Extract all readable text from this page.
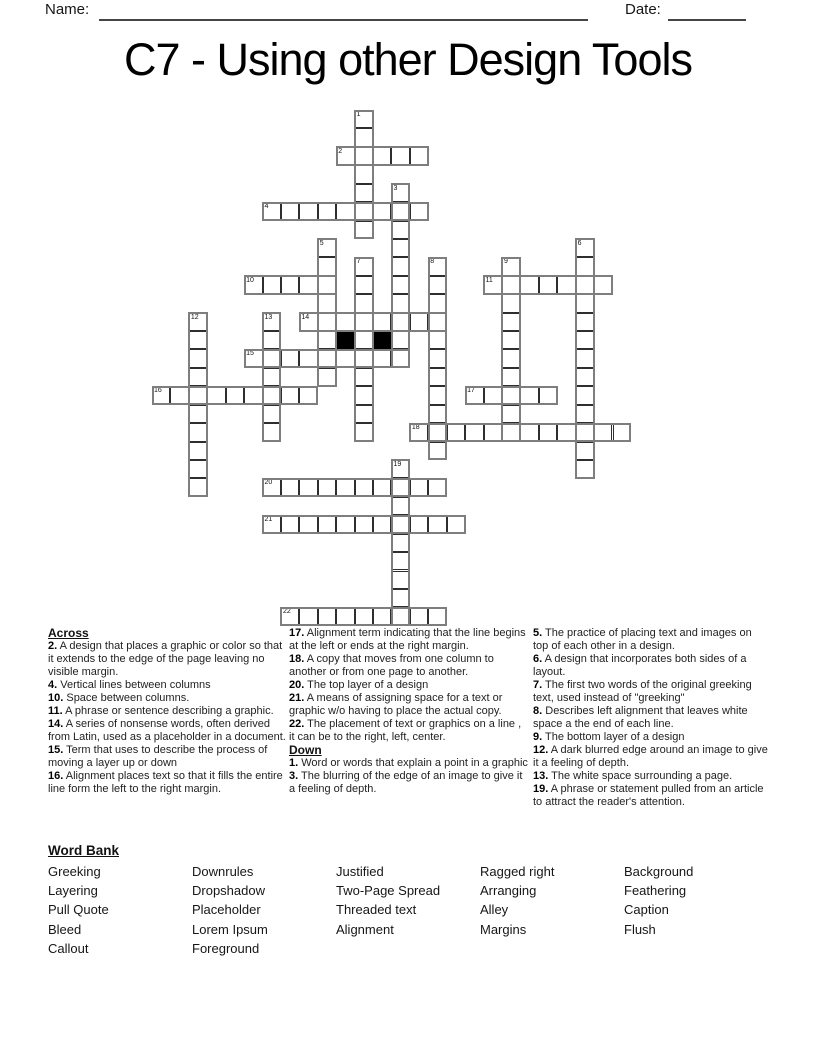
Name:	Date:
C7 - Using other Design Tools
1
2
3
4
5	6
7	8	9
10	11
12	13	14
15
16	17
18
19
20
21
22
Across
2. A design that places a graphic or color so that it extends to the edge of the page leaving no visible margin.
4. Vertical lines between columns
10. Space between columns.
11. A phrase or sentence describing a graphic.
14. A series of nonsense words, often derived from Latin, used as a placeholder in a document.
15. Term that uses to describe the process of moving a layer up or down
16. Alignment places text so that it fills the entire line form the left to the right margin.
17. Alignment term indicating that the line begins at the left or ends at the right margin.
18. A copy that moves from one column to another or from one page to another.
20. The top layer of a design
21. A means of assigning space for a text or graphic w/o having to place the actual copy.
22. The placement of text or graphics on a line , it can be to the right, left, center.
Down
1. Word or words that explain a point in a graphic
3. The blurring of the edge of an image to give it a feeling of depth.
5. The practice of placing text and images on top of each other in a design.
6. A design that incorporates both sides of a layout.
7. The first two words of the original greeking text, used instead of "greeking"
8. Describes left alignment that leaves white space a the end of each line.
9. The bottom layer of a design
12. A dark blurred edge around an image to give it a feeling of depth.
13. The white space surrounding a page.
19. A phrase or statement pulled from an article to attract the reader's attention.
Word Bank
Greeking
Layering
Pull Quote
Bleed
Callout
Downrules
Dropshadow
Placeholder
Lorem Ipsum
Foreground
Justified
Two-Page Spread
Threaded text
Alignment
Ragged right
Arranging
Alley
Margins
Background
Feathering
Caption
Flush
